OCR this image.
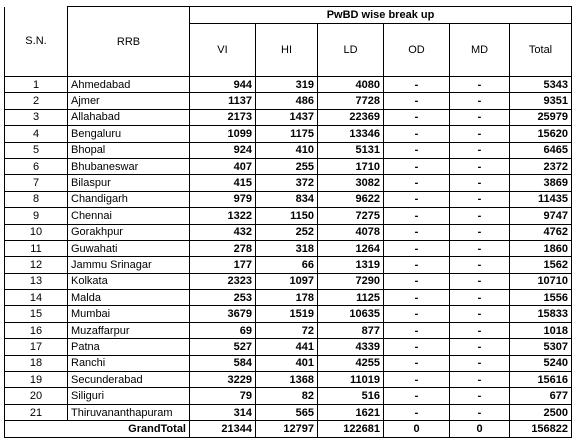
S.N.	RRB	PwBD wise break up					
		VI	HI	LD	OD	MD	Total
1	Ahmedabad	944	319	4080	-	-	5343
2	Ajmer	1137	486	7728	-	-	9351
3	Allahabad	2173	1437	22369	-	-	25979
4	Bengaluru	1099	1175	13346	-	-	15620
5	Bhopal	924	410	5131	-	-	6465
6	Bhubaneswar	407	255	1710	-	-	2372
7	Bilaspur	415	372	3082	-	-	3869
8	Chandigarh	979	834	9622	-	-	11435
9	Chennai	1322	1150	7275	-	-	9747
10	Gorakhpur	432	252	4078	-	-	4762
11	Guwahati	278	318	1264	-	-	1860
12	Jammu Srinagar	177	66	1319	-	-	1562
13	Kolkata	2323	1097	7290	-	-	10710
14	Malda	253	178	1125	-	-	1556
15	Mumbai	3679	1519	10635	-	-	15833
16	Muzaffarpur	69	72	877	-	-	1018
17	Patna	527	441	4339	-	-	5307
18	Ranchi	584	401	4255	-	-	5240
19	Secunderabad	3229	1368	11019	-	-	15616
20	Siliguri	79	82	516	-	-	677
21	Thiruvananthapuram	314	565	1621	-	-	2500
GrandTotal		21344	12797	122681	0	0	156822
